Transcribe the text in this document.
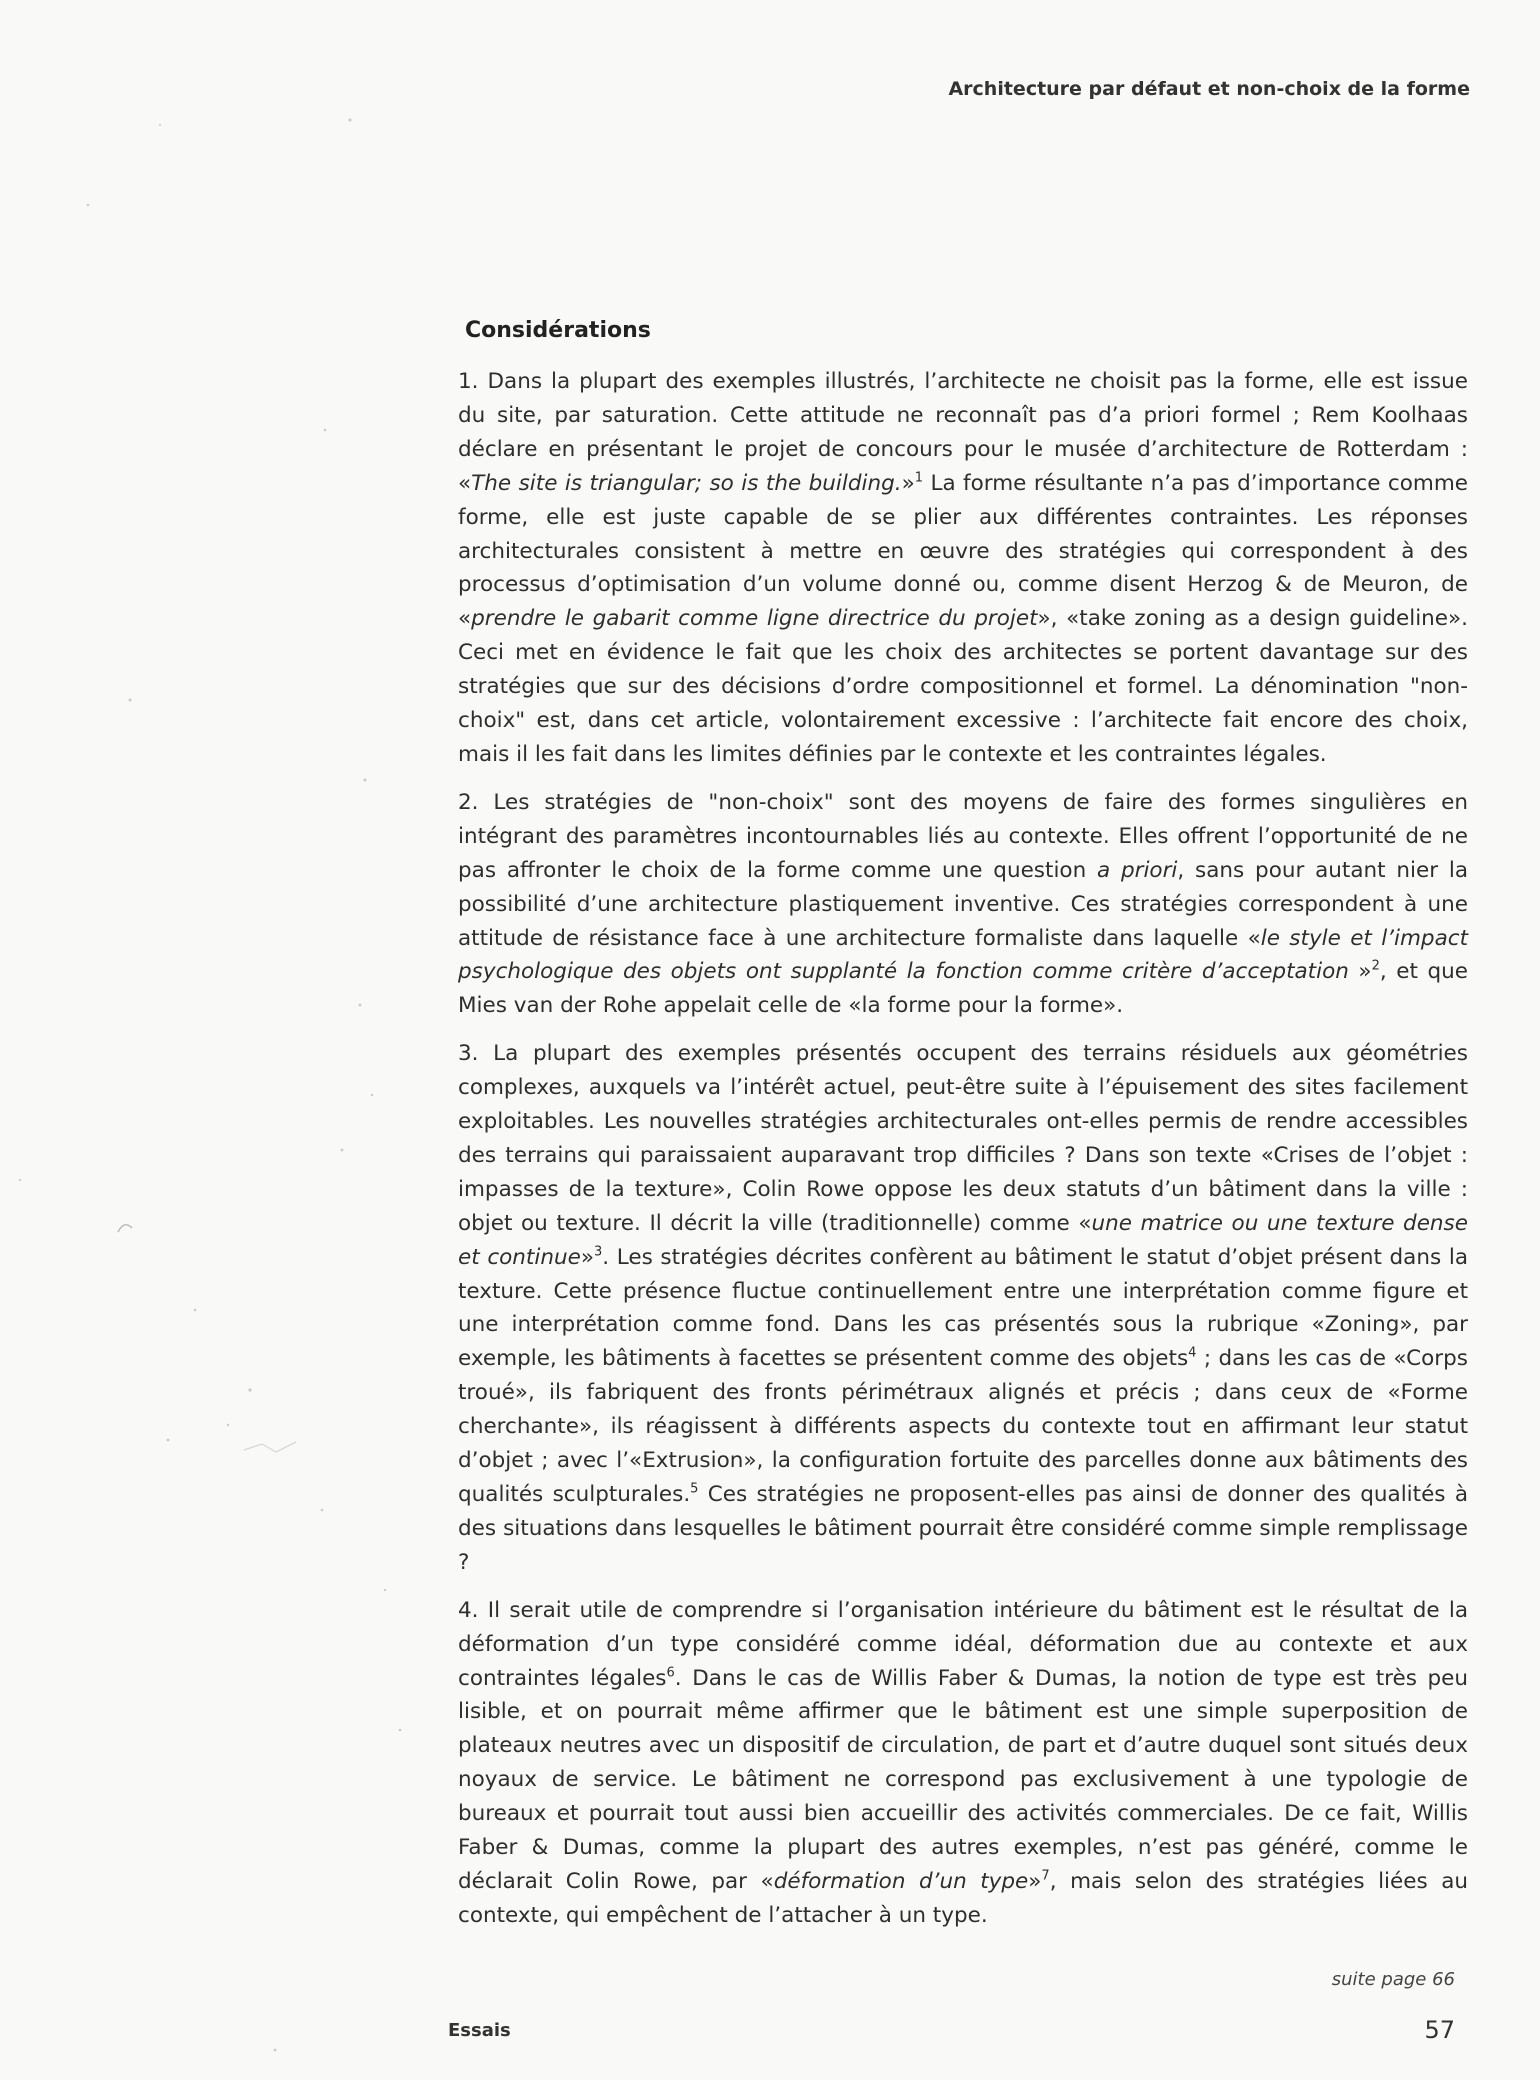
Architecture par défaut et non-choix de la forme
Considérations

1. Dans la plupart des exemples illustrés, l’architecte ne choisit pas la forme, elle est issue du site, par saturation. Cette attitude ne reconnaît pas d’a priori formel ; Rem Koolhaas déclare en présentant le projet de concours pour le musée d’architecture de Rotterdam : «The site is triangular; so is the building.»$^1$ La forme résultante n’a pas d’importance comme forme, elle est juste capable de se plier aux différentes contraintes. Les réponses architecturales consistent à mettre en œuvre des stratégies qui correspondent à des processus d’optimisation d’un volume donné ou, comme disent Herzog & de Meuron, de «prendre le gabarit comme ligne directrice du projet», «take zoning as a design guideline». Ceci met en évidence le fait que les choix des architectes se portent davantage sur des stratégies que sur des décisions d’ordre compositionnel et formel. La dénomination "non-choix" est, dans cet article, volontairement excessive : l’architecte fait encore des choix, mais il les fait dans les limites définies par le contexte et les contraintes légales.

2. Les stratégies de "non-choix" sont des moyens de faire des formes singulières en intégrant des paramètres incontournables liés au contexte. Elles offrent l’opportunité de ne pas affronter le choix de la forme comme une question a priori, sans pour autant nier la possibilité d’une architecture plastiquement inventive. Ces stratégies correspondent à une attitude de résistance face à une architecture formaliste dans laquelle «le style et l’impact psychologique des objets ont supplanté la fonction comme critère d’acceptation »$^2$, et que Mies van der Rohe appelait celle de «la forme pour la forme».

3. La plupart des exemples présentés occupent des terrains résiduels aux géométries complexes, auxquels va l’intérêt actuel, peut-être suite à l’épuisement des sites facilement exploitables. Les nouvelles stratégies architecturales ont-elles permis de rendre accessibles des terrains qui paraissaient auparavant trop difficiles ? Dans son texte «Crises de l’objet : impasses de la texture», Colin Rowe oppose les deux statuts d’un bâtiment dans la ville : objet ou texture. Il décrit la ville (traditionnelle) comme «une matrice ou une texture dense et continue»$^3$. Les stratégies décrites confèrent au bâtiment le statut d’objet présent dans la texture. Cette présence fluctue continuellement entre une interprétation comme figure et une interprétation comme fond. Dans les cas présentés sous la rubrique «Zoning», par exemple, les bâtiments à facettes se présentent comme des objets$^4$ ; dans les cas de «Corps troué», ils fabriquent des fronts périmétraux alignés et précis ; dans ceux de «Forme cherchante», ils réagissent à différents aspects du contexte tout en affirmant leur statut d’objet ; avec l’«Extrusion», la configuration fortuite des parcelles donne aux bâtiments des qualités sculpturales.$^5$ Ces stratégies ne proposent-elles pas ainsi de donner des qualités à des situations dans lesquelles le bâtiment pourrait être considéré comme simple remplissage ?

4. Il serait utile de comprendre si l’organisation intérieure du bâtiment est le résultat de la déformation d’un type considéré comme idéal, déformation due au contexte et aux contraintes légales$^6$. Dans le cas de Willis Faber & Dumas, la notion de type est très peu lisible, et on pourrait même affirmer que le bâtiment est une simple superposition de plateaux neutres avec un dispositif de circulation, de part et d’autre duquel sont situés deux noyaux de service. Le bâtiment ne correspond pas exclusivement à une typologie de bureaux et pourrait tout aussi bien accueillir des activités commerciales. De ce fait, Willis Faber & Dumas, comme la plupart des autres exemples, n’est pas généré, comme le déclarait Colin Rowe, par «déformation d’un type»$^7$, mais selon des stratégies liées au contexte, qui empêchent de l’attacher à un type.

suite page 66
Essais	57
